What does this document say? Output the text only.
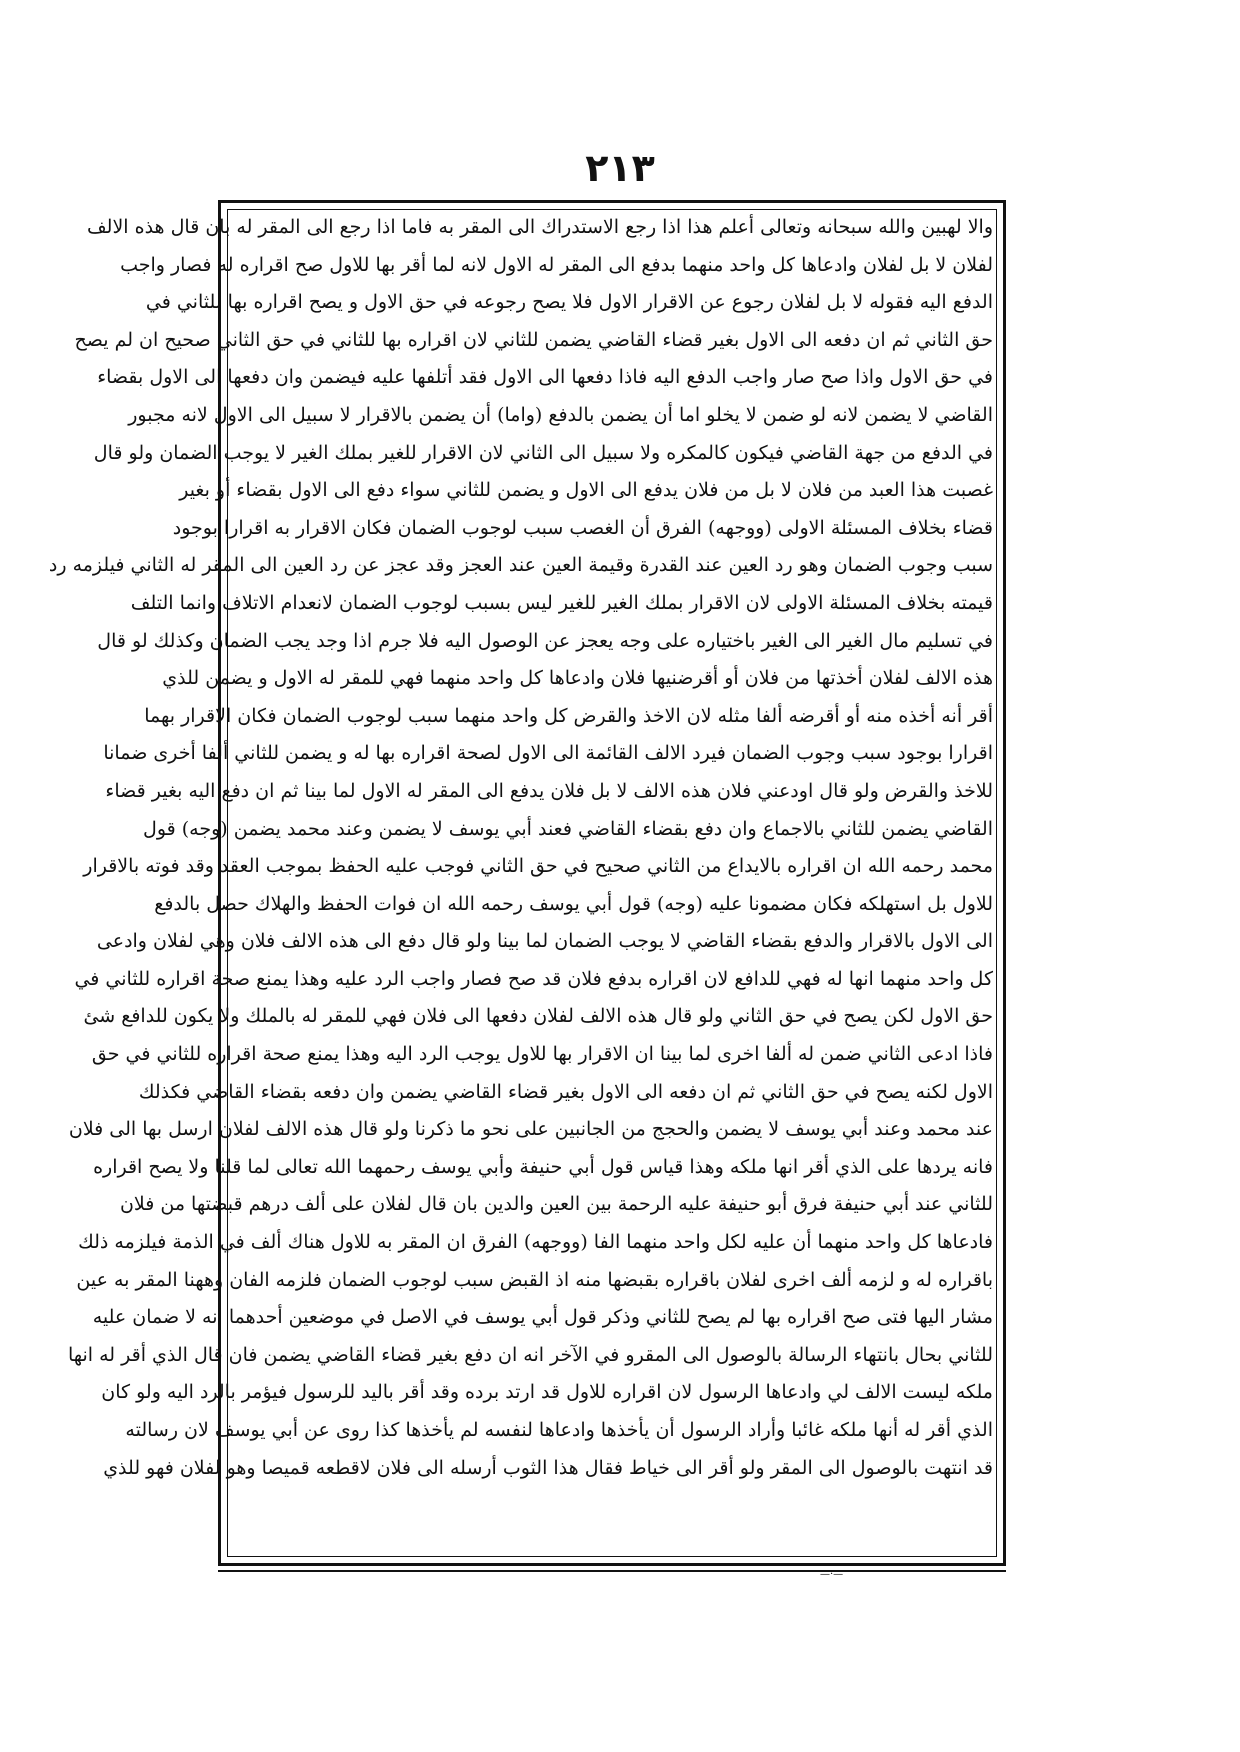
٢١٣
والا لهبين والله سبحانه وتعالى أعلم هذا اذا رجع الاستدراك الى المقر به فاما اذا رجع الى المقر له بان قال هذه الالف
لفلان لا بل لفلان وادعاها كل واحد منهما بدفع الى المقر له الاول لانه لما أقر بها للاول صح اقراره له فصار واجب
الدفع اليه فقوله لا بل لفلان رجوع عن الاقرار الاول فلا يصح رجوعه في حق الاول و يصح اقراره بها للثاني في
حق الثاني ثم ان دفعه الى الاول بغير قضاء القاضي يضمن للثاني لان اقراره بها للثاني في حق الثاني صحيح ان لم يصح
في حق الاول واذا صح صار واجب الدفع اليه فاذا دفعها الى الاول فقد أتلفها عليه فيضمن وان دفعها الى الاول بقضاء
القاضي لا يضمن لانه لو ضمن لا يخلو اما أن يضمن بالدفع (واما) أن يضمن بالاقرار لا سبيل الى الاول لانه مجبور
في الدفع من جهة القاضي فيكون كالمكره ولا سبيل الى الثاني لان الاقرار للغير بملك الغير لا يوجب الضمان ولو قال
غصبت هذا العبد من فلان لا بل من فلان يدفع الى الاول و يضمن للثاني سواء دفع الى الاول بقضاء أو بغير
قضاء بخلاف المسئلة الاولى (ووجهه) الفرق أن الغصب سبب لوجوب الضمان فكان الاقرار به اقرارا بوجود
سبب وجوب الضمان وهو رد العين عند القدرة وقيمة العين عند العجز وقد عجز عن رد العين الى المقر له الثاني فيلزمه رد
قيمته بخلاف المسئلة الاولى لان الاقرار بملك الغير للغير ليس بسبب لوجوب الضمان لانعدام الاتلاف وانما التلف
في تسليم مال الغير الى الغير باختياره على وجه يعجز عن الوصول اليه فلا جرم اذا وجد يجب الضمان وكذلك لو قال
هذه الالف لفلان أخذتها من فلان أو أقرضنيها فلان وادعاها كل واحد منهما فهي للمقر له الاول و يضمن للذي
أقر أنه أخذه منه أو أقرضه ألفا مثله لان الاخذ والقرض كل واحد منهما سبب لوجوب الضمان فكان الاقرار بهما
اقرارا بوجود سبب وجوب الضمان فيرد الالف القائمة الى الاول لصحة اقراره بها له و يضمن للثاني ألفا أخرى ضمانا
للاخذ والقرض ولو قال اودعني فلان هذه الالف لا بل فلان يدفع الى المقر له الاول لما بينا ثم ان دفع اليه بغير قضاء
القاضي يضمن للثاني بالاجماع وان دفع بقضاء القاضي فعند أبي يوسف لا يضمن وعند محمد يضمن (وجه) قول
محمد رحمه الله ان اقراره بالايداع من الثاني صحيح في حق الثاني فوجب عليه الحفظ بموجب العقد وقد فوته بالاقرار
للاول بل استهلكه فكان مضمونا عليه (وجه) قول أبي يوسف رحمه الله ان فوات الحفظ والهلاك حصل بالدفع
الى الاول بالاقرار والدفع بقضاء القاضي لا يوجب الضمان لما بينا ولو قال دفع الى هذه الالف فلان وهي لفلان وادعى
كل واحد منهما انها له فهي للدافع لان اقراره بدفع فلان قد صح فصار واجب الرد عليه وهذا يمنع صحة اقراره للثاني في
حق الاول لكن يصح في حق الثاني ولو قال هذه الالف لفلان دفعها الى فلان فهي للمقر له بالملك ولا يكون للدافع شئ
فاذا ادعى الثاني ضمن له ألفا اخرى لما بينا ان الاقرار بها للاول يوجب الرد اليه وهذا يمنع صحة اقراره للثاني في حق
الاول لكنه يصح في حق الثاني ثم ان دفعه الى الاول بغير قضاء القاضي يضمن وان دفعه بقضاء القاضي فكذلك
عند محمد وعند أبي يوسف لا يضمن والحجج من الجانبين على نحو ما ذكرنا ولو قال هذه الالف لفلان ارسل بها الى فلان
فانه يردها على الذي أقر انها ملكه وهذا قياس قول أبي حنيفة وأبي يوسف رحمهما الله تعالى لما قلنا ولا يصح اقراره
للثاني عند أبي حنيفة فرق أبو حنيفة عليه الرحمة بين العين والدين بان قال لفلان على ألف درهم قبضتها من فلان
فادعاها كل واحد منهما أن عليه لكل واحد منهما الفا (ووجهه) الفرق ان المقر به للاول هناك ألف في الذمة فيلزمه ذلك
باقراره له و لزمه ألف اخرى لفلان باقراره بقبضها منه اذ القبض سبب لوجوب الضمان فلزمه الفان وههنا المقر به عين
مشار اليها فتى صح اقراره بها لم يصح للثاني وذكر قول أبي يوسف في الاصل في موضعين أحدهما انه لا ضمان عليه
للثاني بحال بانتهاء الرسالة بالوصول الى المقرو في الآخر انه ان دفع بغير قضاء القاضي يضمن فان قال الذي أقر له انها
ملكه ليست الالف لي وادعاها الرسول لان اقراره للاول قد ارتد برده وقد أقر باليد للرسول فيؤمر بالرد اليه ولو كان
الذي أقر له أنها ملكه غائبا وأراد الرسول أن يأخذها وادعاها لنفسه لم يأخذها كذا روى عن أبي يوسف لان رسالته
قد انتهت بالوصول الى المقر ولو أقر الى خياط فقال هذا الثوب أرسله الى فلان لاقطعه قميصا وهو لفلان فهو للذي
—·—
